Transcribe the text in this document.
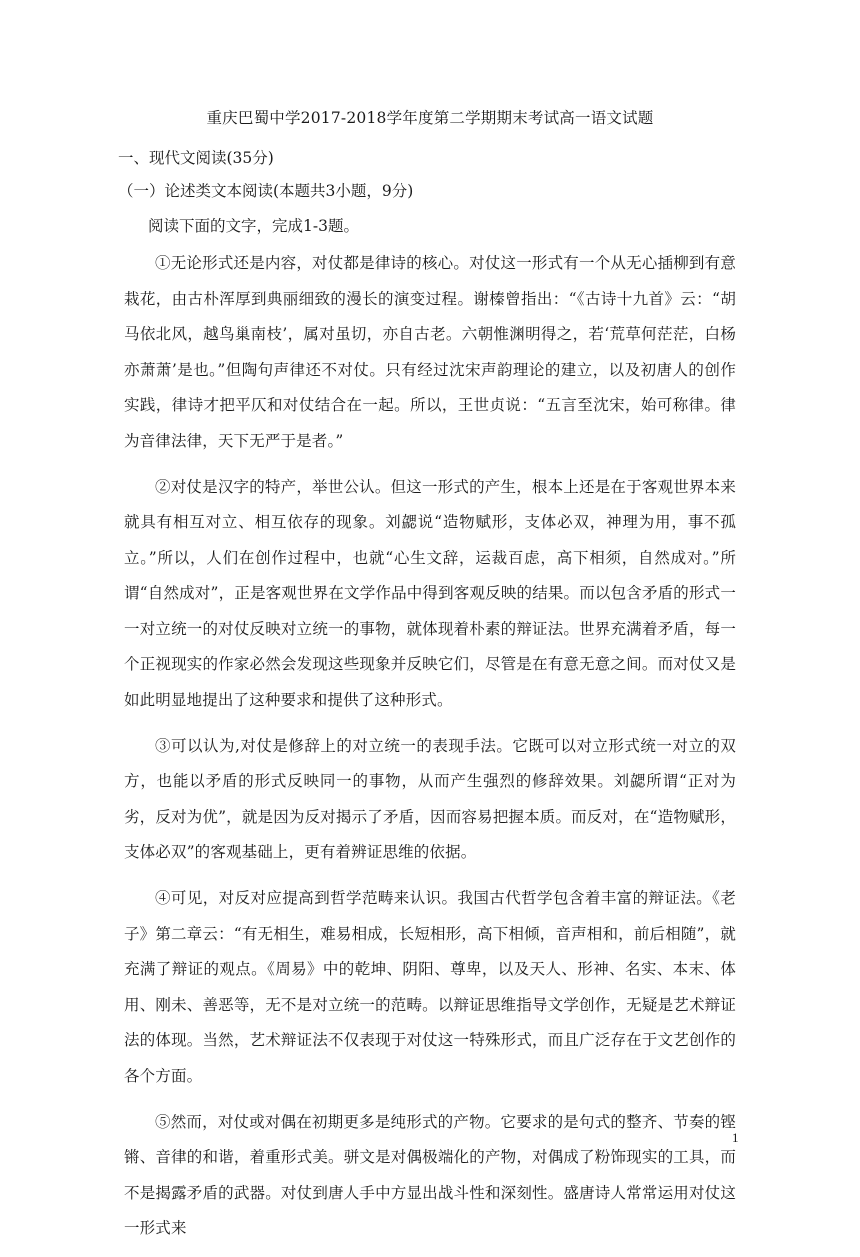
重庆巴蜀中学2017-2018学年度第二学期期末考试高一语文试题
一、现代文阅读(35分)
（一）论述类文本阅读(本题共3小题，9分)
阅读下面的文字，完成1-3题。

①无论形式还是内容，对仗都是律诗的核心。对仗这一形式有一个从无心插柳到有意栽花，由古朴浑厚到典丽细致的漫长的演变过程。谢榛曾指出：“《古诗十九首》云：“胡马依北风，越鸟巢南枝’，属对虽切，亦自古老。六朝惟渊明得之，若‘荒草何茫茫，白杨亦萧萧’是也。”但陶句声律还不对仗。只有经过沈宋声韵理论的建立，以及初唐人的创作实践，律诗才把平仄和对仗结合在一起。所以，王世贞说：“五言至沈宋，始可称律。律为音律法律，天下无严于是者。”

②对仗是汉字的特产，举世公认。但这一形式的产生，根本上还是在于客观世界本来就具有相互对立、相互依存的现象。刘勰说“造物赋形，支体必双，神理为用，事不孤立。”所以，人们在创作过程中，也就“心生文辞，运裁百虑，高下相须，自然成对。”所谓“自然成对”，正是客观世界在文学作品中得到客观反映的结果。而以包含矛盾的形式一一对立统一的对仗反映对立统一的事物，就体现着朴素的辩证法。世界充满着矛盾，每一个正视现实的作家必然会发现这些现象并反映它们，尽管是在有意无意之间。而对仗又是如此明显地提出了这种要求和提供了这种形式。

③可以认为,对仗是修辞上的对立统一的表现手法。它既可以对立形式统一对立的双方，也能以矛盾的形式反映同一的事物，从而产生强烈的修辞效果。刘勰所谓“正对为劣，反对为优”，就是因为反对揭示了矛盾，因而容易把握本质。而反对，在“造物赋形，支体必双”的客观基础上，更有着辨证思维的依据。

④可见，对反对应提高到哲学范畴来认识。我国古代哲学包含着丰富的辩证法。《老子》第二章云：“有无相生，难易相成，长短相形，高下相倾，音声相和，前后相随”，就充满了辩证的观点。《周易》中的乾坤、阴阳、尊卑，以及天人、形神、名实、本末、体用、刚未、善恶等，无不是对立统一的范畴。以辩证思维指导文学创作，无疑是艺术辩证法的体现。当然，艺术辩证法不仅表现于对仗这一特殊形式，而且广泛存在于文艺创作的各个方面。

⑤然而，对仗或对偶在初期更多是纯形式的产物。它要求的是句式的整齐、节奏的铿锵、音律的和谐，着重形式美。骈文是对偶极端化的产物，对偶成了粉饰现实的工具，而不是揭露矛盾的武器。对仗到唐人手中方显出战斗性和深刻性。盛唐诗人常常运用对仗这一形式来

1
